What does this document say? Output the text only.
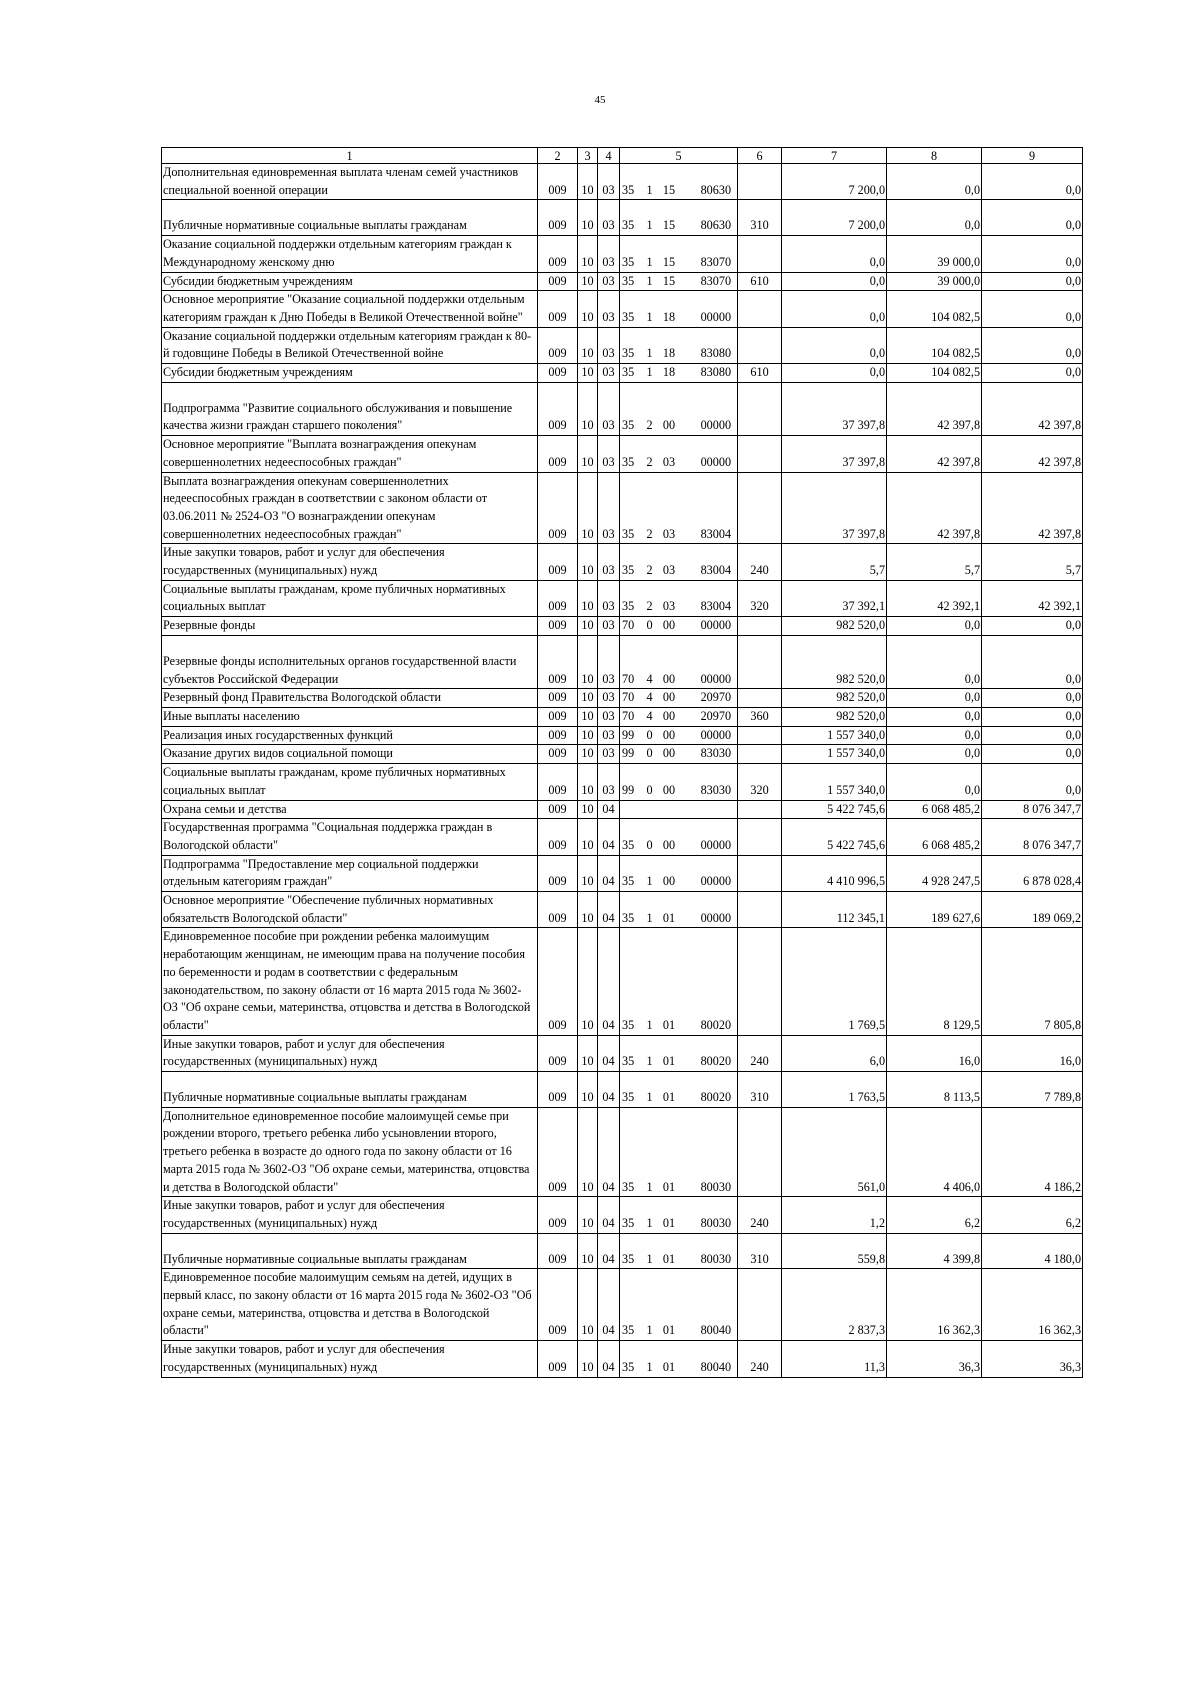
45
1	2	3	4	5				6	7	8	9
Дополнительная единовременная выплата членам семей участников специальной военной операции	009	10	03	35	1	15	80630		7 200,0	0,0	0,0
Публичные нормативные социальные выплаты гражданам	009	10	03	35	1	15	80630	310	7 200,0	0,0	0,0
Оказание социальной поддержки отдельным категориям граждан к Международному женскому дню	009	10	03	35	1	15	83070		0,0	39 000,0	0,0
Субсидии бюджетным учреждениям	009	10	03	35	1	15	83070	610	0,0	39 000,0	0,0
Основное мероприятие "Оказание социальной поддержки отдельным категориям граждан к Дню Победы в Великой Отечественной войне"	009	10	03	35	1	18	00000		0,0	104 082,5	0,0
Оказание социальной поддержки отдельным категориям граждан к 80-й годовщине Победы в Великой Отечественной войне	009	10	03	35	1	18	83080		0,0	104 082,5	0,0
Субсидии бюджетным учреждениям	009	10	03	35	1	18	83080	610	0,0	104 082,5	0,0
Подпрограмма "Развитие социального обслуживания и повышение качества жизни граждан старшего поколения"	009	10	03	35	2	00	00000		37 397,8	42 397,8	42 397,8
Основное мероприятие "Выплата вознаграждения опекунам совершеннолетних недееспособных граждан"	009	10	03	35	2	03	00000		37 397,8	42 397,8	42 397,8
Выплата вознаграждения опекунам совершеннолетних недееспособных граждан в соответствии с законом области от 03.06.2011 № 2524-ОЗ "О вознаграждении опекунам совершеннолетних недееспособных граждан"	009	10	03	35	2	03	83004		37 397,8	42 397,8	42 397,8
Иные закупки товаров, работ и услуг для обеспечения государственных (муниципальных) нужд	009	10	03	35	2	03	83004	240	5,7	5,7	5,7
Социальные выплаты гражданам, кроме публичных нормативных социальных выплат	009	10	03	35	2	03	83004	320	37 392,1	42 392,1	42 392,1
Резервные фонды	009	10	03	70	0	00	00000		982 520,0	0,0	0,0
Резервные фонды исполнительных органов государственной власти субъектов Российской Федерации	009	10	03	70	4	00	00000		982 520,0	0,0	0,0
Резервный фонд Правительства Вологодской области	009	10	03	70	4	00	20970		982 520,0	0,0	0,0
Иные выплаты населению	009	10	03	70	4	00	20970	360	982 520,0	0,0	0,0
Реализация иных государственных функций	009	10	03	99	0	00	00000		1 557 340,0	0,0	0,0
Оказание других видов социальной помощи	009	10	03	99	0	00	83030		1 557 340,0	0,0	0,0
Социальные выплаты гражданам, кроме публичных нормативных социальных выплат	009	10	03	99	0	00	83030	320	1 557 340,0	0,0	0,0
Охрана семьи и детства	009	10	04						5 422 745,6	6 068 485,2	8 076 347,7
Государственная программа "Социальная поддержка граждан в Вологодской области"	009	10	04	35	0	00	00000		5 422 745,6	6 068 485,2	8 076 347,7
Подпрограмма "Предоставление мер социальной поддержки отдельным категориям граждан"	009	10	04	35	1	00	00000		4 410 996,5	4 928 247,5	6 878 028,4
Основное мероприятие "Обеспечение публичных нормативных обязательств Вологодской области"	009	10	04	35	1	01	00000		112 345,1	189 627,6	189 069,2
Единовременное пособие при рождении ребенка малоимущим неработающим женщинам, не имеющим права на получение пособия по беременности и родам в соответствии с федеральным законодательством, по закону области от 16 марта 2015 года № 3602-ОЗ "Об охране семьи, материнства, отцовства и детства в Вологодской области"	009	10	04	35	1	01	80020		1 769,5	8 129,5	7 805,8
Иные закупки товаров, работ и услуг для обеспечения государственных (муниципальных) нужд	009	10	04	35	1	01	80020	240	6,0	16,0	16,0
Публичные нормативные социальные выплаты гражданам	009	10	04	35	1	01	80020	310	1 763,5	8 113,5	7 789,8
Дополнительное единовременное пособие малоимущей семье при рождении второго, третьего ребенка либо усыновлении второго, третьего ребенка в возрасте до одного года по закону области от 16 марта 2015 года № 3602-ОЗ "Об охране семьи, материнства, отцовства и детства в Вологодской области"	009	10	04	35	1	01	80030		561,0	4 406,0	4 186,2
Иные закупки товаров, работ и услуг для обеспечения государственных (муниципальных) нужд	009	10	04	35	1	01	80030	240	1,2	6,2	6,2
Публичные нормативные социальные выплаты гражданам	009	10	04	35	1	01	80030	310	559,8	4 399,8	4 180,0
Единовременное пособие малоимущим семьям на детей, идущих в первый класс, по закону области от 16 марта 2015 года № 3602-ОЗ "Об охране семьи, материнства, отцовства и детства в Вологодской области"	009	10	04	35	1	01	80040		2 837,3	16 362,3	16 362,3
Иные закупки товаров, работ и услуг для обеспечения государственных (муниципальных) нужд	009	10	04	35	1	01	80040	240	11,3	36,3	36,3
